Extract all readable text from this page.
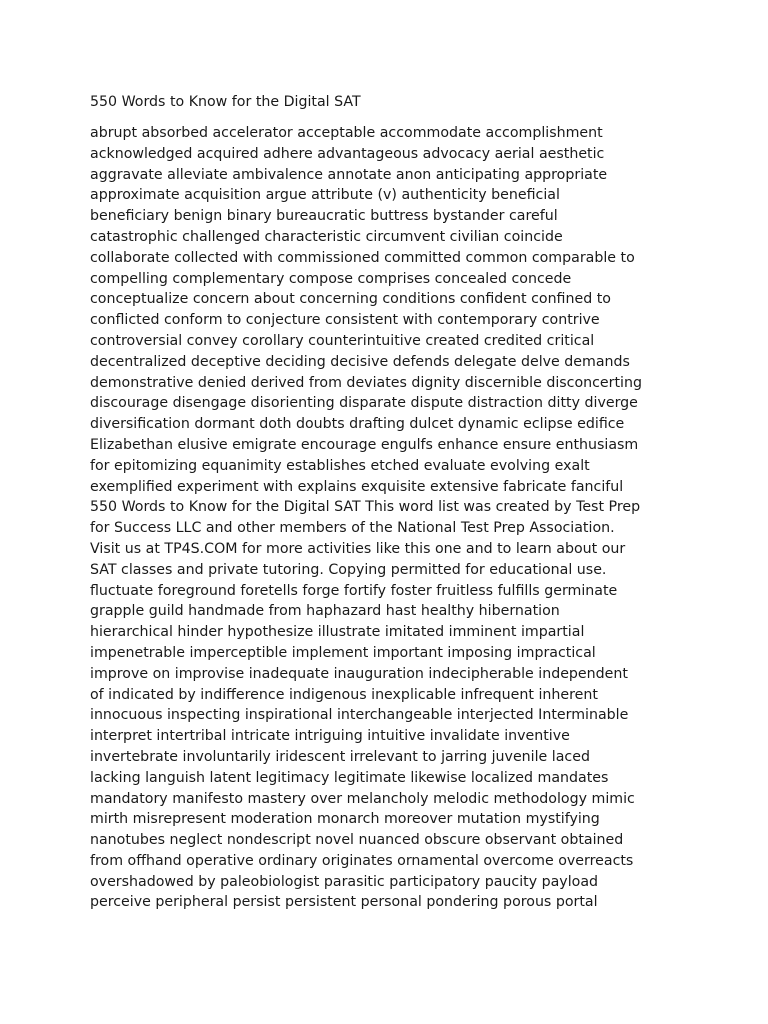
550 Words to Know for the Digital SAT
abrupt absorbed accelerator acceptable accommodate accomplishment
acknowledged acquired adhere advantageous advocacy aerial aesthetic
aggravate alleviate ambivalence annotate anon anticipating appropriate
approximate acquisition argue attribute (v) authenticity beneficial
beneficiary benign binary bureaucratic buttress bystander careful
catastrophic challenged characteristic circumvent civilian coincide
collaborate collected with commissioned committed common comparable to
compelling complementary compose comprises concealed concede
conceptualize concern about concerning conditions confident confined to
conflicted conform to conjecture consistent with contemporary contrive
controversial convey corollary counterintuitive created credited critical
decentralized deceptive deciding decisive defends delegate delve demands
demonstrative denied derived from deviates dignity discernible disconcerting
discourage disengage disorienting disparate dispute distraction ditty diverge
diversification dormant doth doubts drafting dulcet dynamic eclipse edifice
Elizabethan elusive emigrate encourage engulfs enhance ensure enthusiasm
for epitomizing equanimity establishes etched evaluate evolving exalt
exemplified experiment with explains exquisite extensive fabricate fanciful
550 Words to Know for the Digital SAT This word list was created by Test Prep
for Success LLC and other members of the National Test Prep Association.
Visit us at TP4S.COM for more activities like this one and to learn about our
SAT classes and private tutoring. Copying permitted for educational use.
fluctuate foreground foretells forge fortify foster fruitless fulfills germinate
grapple guild handmade from haphazard hast healthy hibernation
hierarchical hinder hypothesize illustrate imitated imminent impartial
impenetrable imperceptible implement important imposing impractical
improve on improvise inadequate inauguration indecipherable independent
of indicated by indifference indigenous inexplicable infrequent inherent
innocuous inspecting inspirational interchangeable interjected Interminable
interpret intertribal intricate intriguing intuitive invalidate inventive
invertebrate involuntarily iridescent irrelevant to jarring juvenile laced
lacking languish latent legitimacy legitimate likewise localized mandates
mandatory manifesto mastery over melancholy melodic methodology mimic
mirth misrepresent moderation monarch moreover mutation mystifying
nanotubes neglect nondescript novel nuanced obscure observant obtained
from offhand operative ordinary originates ornamental overcome overreacts
overshadowed by paleobiologist parasitic participatory paucity payload
perceive peripheral persist persistent personal pondering porous portal
